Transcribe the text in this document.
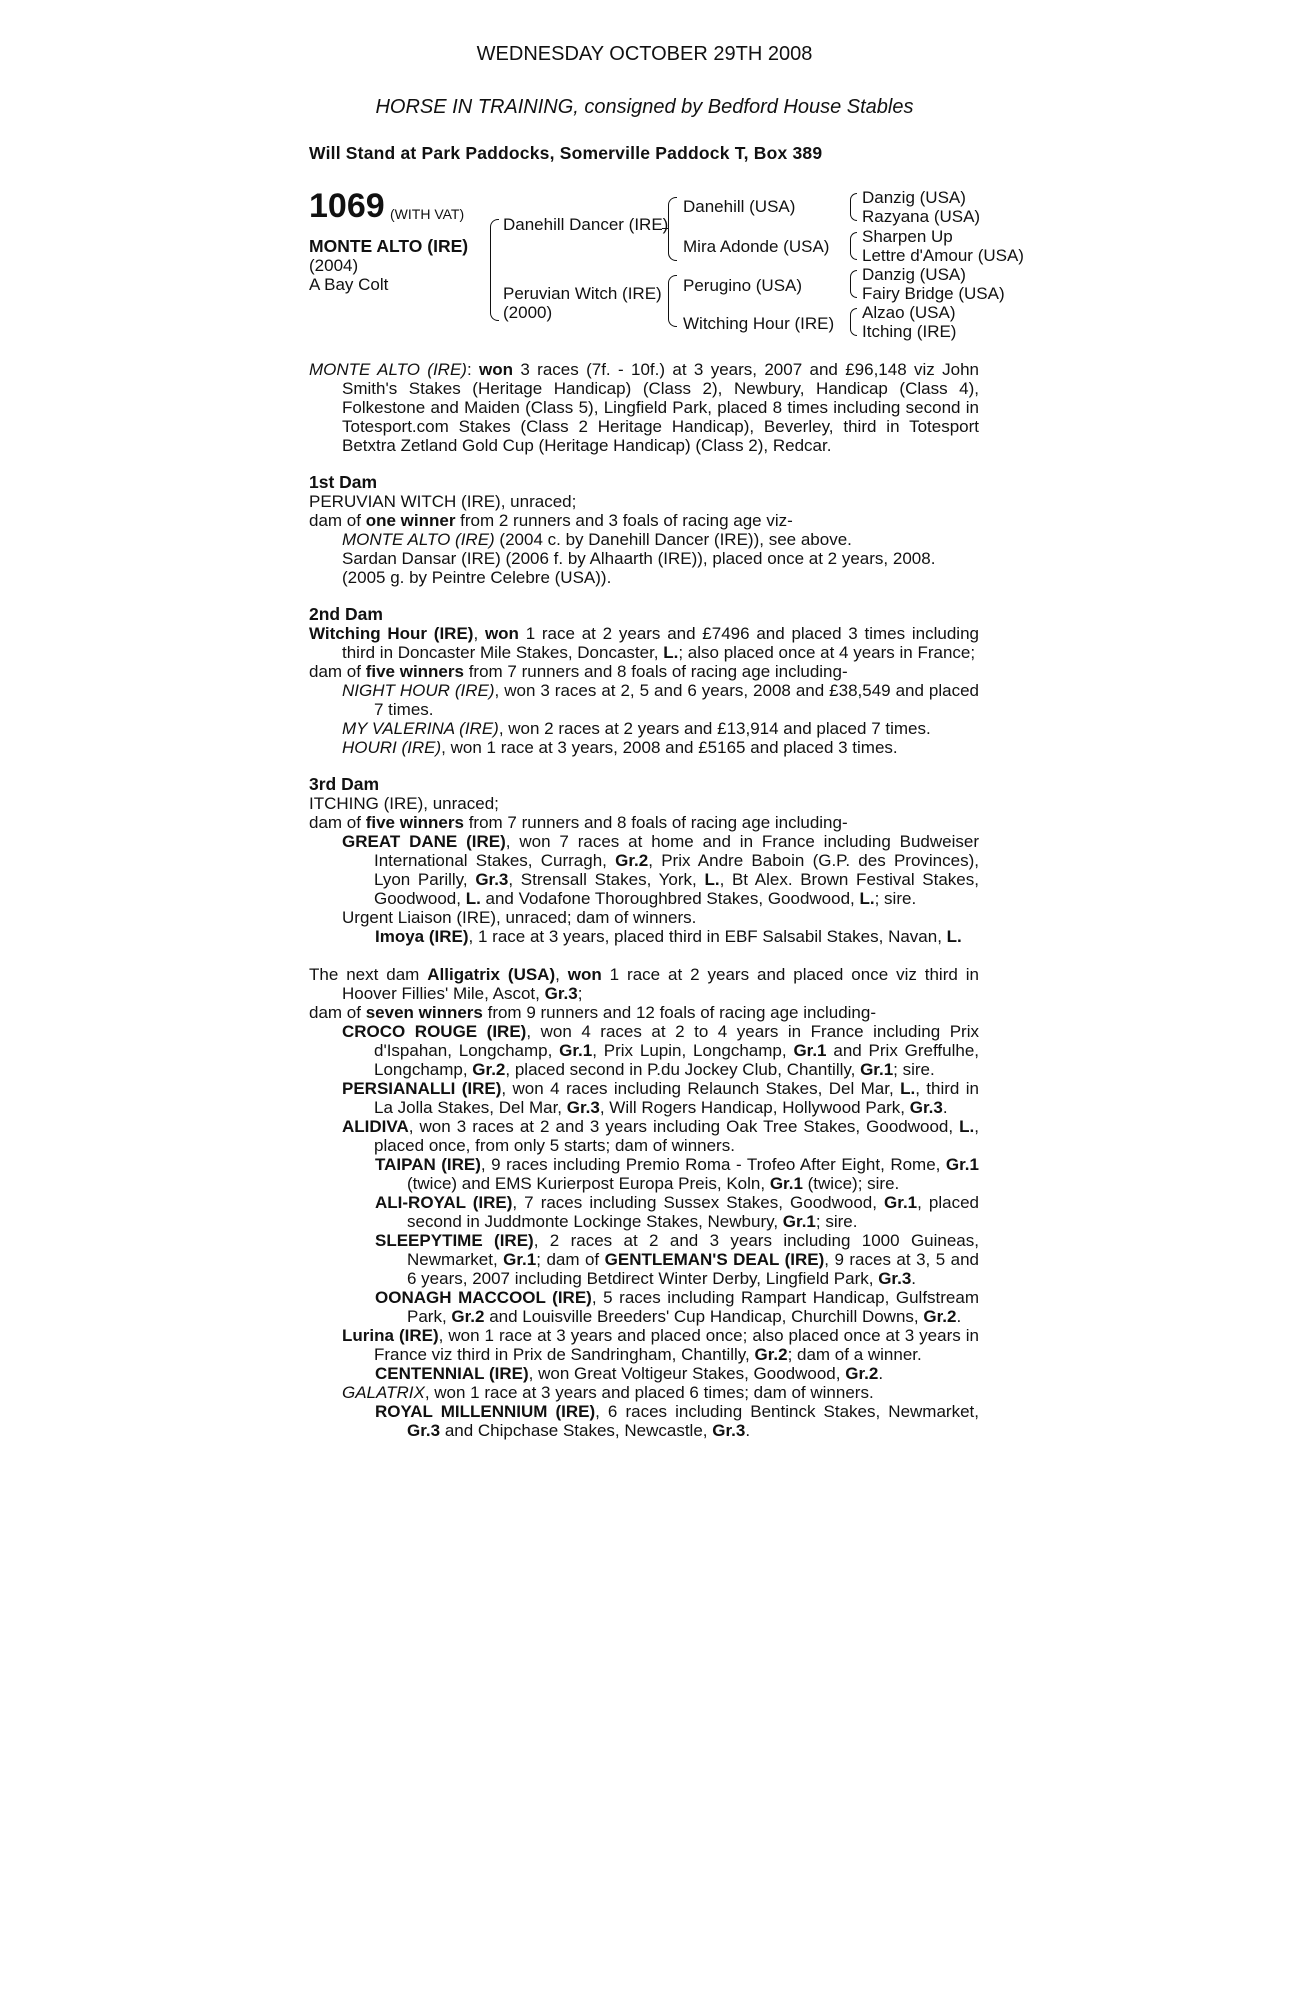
WEDNESDAY OCTOBER 29TH 2008
HORSE IN TRAINING, consigned by Bedford House Stables
Will Stand at Park Paddocks, Somerville Paddock T, Box 389
1069 (WITH VAT)
MONTE ALTO (IRE)
(2004)
A Bay Colt
Danehill Dancer (IRE)
Peruvian Witch (IRE)
(2000)
Danehill (USA)
Mira Adonde (USA)
Perugino (USA)
Witching Hour (IRE)
Danzig (USA)
Razyana (USA)
Sharpen Up
Lettre d'Amour (USA)
Danzig (USA)
Fairy Bridge (USA)
Alzao (USA)
Itching (IRE)

MONTE ALTO (IRE): won 3 races (7f. - 10f.) at 3 years, 2007 and £96,148 viz John Smith's Stakes (Heritage Handicap) (Class 2), Newbury, Handicap (Class 4), Folkestone and Maiden (Class 5), Lingfield Park, placed 8 times including second in Totesport.com Stakes (Class 2 Heritage Handicap), Beverley, third in Totesport Betxtra Zetland Gold Cup (Heritage Handicap) (Class 2), Redcar.

1st Dam

PERUVIAN WITCH (IRE), unraced;

dam of one winner from 2 runners and 3 foals of racing age viz-

MONTE ALTO (IRE) (2004 c. by Danehill Dancer (IRE)), see above.

Sardan Dansar (IRE) (2006 f. by Alhaarth (IRE)), placed once at 2 years, 2008.

(2005 g. by Peintre Celebre (USA)).

2nd Dam

Witching Hour (IRE), won 1 race at 2 years and £7496 and placed 3 times including third in Doncaster Mile Stakes, Doncaster, L.; also placed once at 4 years in France;

dam of five winners from 7 runners and 8 foals of racing age including-

NIGHT HOUR (IRE), won 3 races at 2, 5 and 6 years, 2008 and £38,549 and placed 7 times.

MY VALERINA (IRE), won 2 races at 2 years and £13,914 and placed 7 times.

HOURI (IRE), won 1 race at 3 years, 2008 and £5165 and placed 3 times.

3rd Dam

ITCHING (IRE), unraced;

dam of five winners from 7 runners and 8 foals of racing age including-

GREAT DANE (IRE), won 7 races at home and in France including Budweiser International Stakes, Curragh, Gr.2, Prix Andre Baboin (G.P. des Provinces), Lyon Parilly, Gr.3, Strensall Stakes, York, L., Bt Alex. Brown Festival Stakes, Goodwood, L. and Vodafone Thoroughbred Stakes, Goodwood, L.; sire.

Urgent Liaison (IRE), unraced; dam of winners.

Imoya (IRE), 1 race at 3 years, placed third in EBF Salsabil Stakes, Navan, L.

The next dam Alligatrix (USA), won 1 race at 2 years and placed once viz third in Hoover Fillies' Mile, Ascot, Gr.3;

dam of seven winners from 9 runners and 12 foals of racing age including-

CROCO ROUGE (IRE), won 4 races at 2 to 4 years in France including Prix d'Ispahan, Longchamp, Gr.1, Prix Lupin, Longchamp, Gr.1 and Prix Greffulhe, Longchamp, Gr.2, placed second in P.du Jockey Club, Chantilly, Gr.1; sire.

PERSIANALLI (IRE), won 4 races including Relaunch Stakes, Del Mar, L., third in La Jolla Stakes, Del Mar, Gr.3, Will Rogers Handicap, Hollywood Park, Gr.3.

ALIDIVA, won 3 races at 2 and 3 years including Oak Tree Stakes, Goodwood, L., placed once, from only 5 starts; dam of winners.

TAIPAN (IRE), 9 races including Premio Roma - Trofeo After Eight, Rome, Gr.1 (twice) and EMS Kurierpost Europa Preis, Koln, Gr.1 (twice); sire.

ALI-ROYAL (IRE), 7 races including Sussex Stakes, Goodwood, Gr.1, placed second in Juddmonte Lockinge Stakes, Newbury, Gr.1; sire.

SLEEPYTIME (IRE), 2 races at 2 and 3 years including 1000 Guineas, Newmarket, Gr.1; dam of GENTLEMAN'S DEAL (IRE), 9 races at 3, 5 and 6 years, 2007 including Betdirect Winter Derby, Lingfield Park, Gr.3.

OONAGH MACCOOL (IRE), 5 races including Rampart Handicap, Gulfstream Park, Gr.2 and Louisville Breeders' Cup Handicap, Churchill Downs, Gr.2.

Lurina (IRE), won 1 race at 3 years and placed once; also placed once at 3 years in France viz third in Prix de Sandringham, Chantilly, Gr.2; dam of a winner.

CENTENNIAL (IRE), won Great Voltigeur Stakes, Goodwood, Gr.2.

GALATRIX, won 1 race at 3 years and placed 6 times; dam of winners.

ROYAL MILLENNIUM (IRE), 6 races including Bentinck Stakes, Newmarket, Gr.3 and Chipchase Stakes, Newcastle, Gr.3.
